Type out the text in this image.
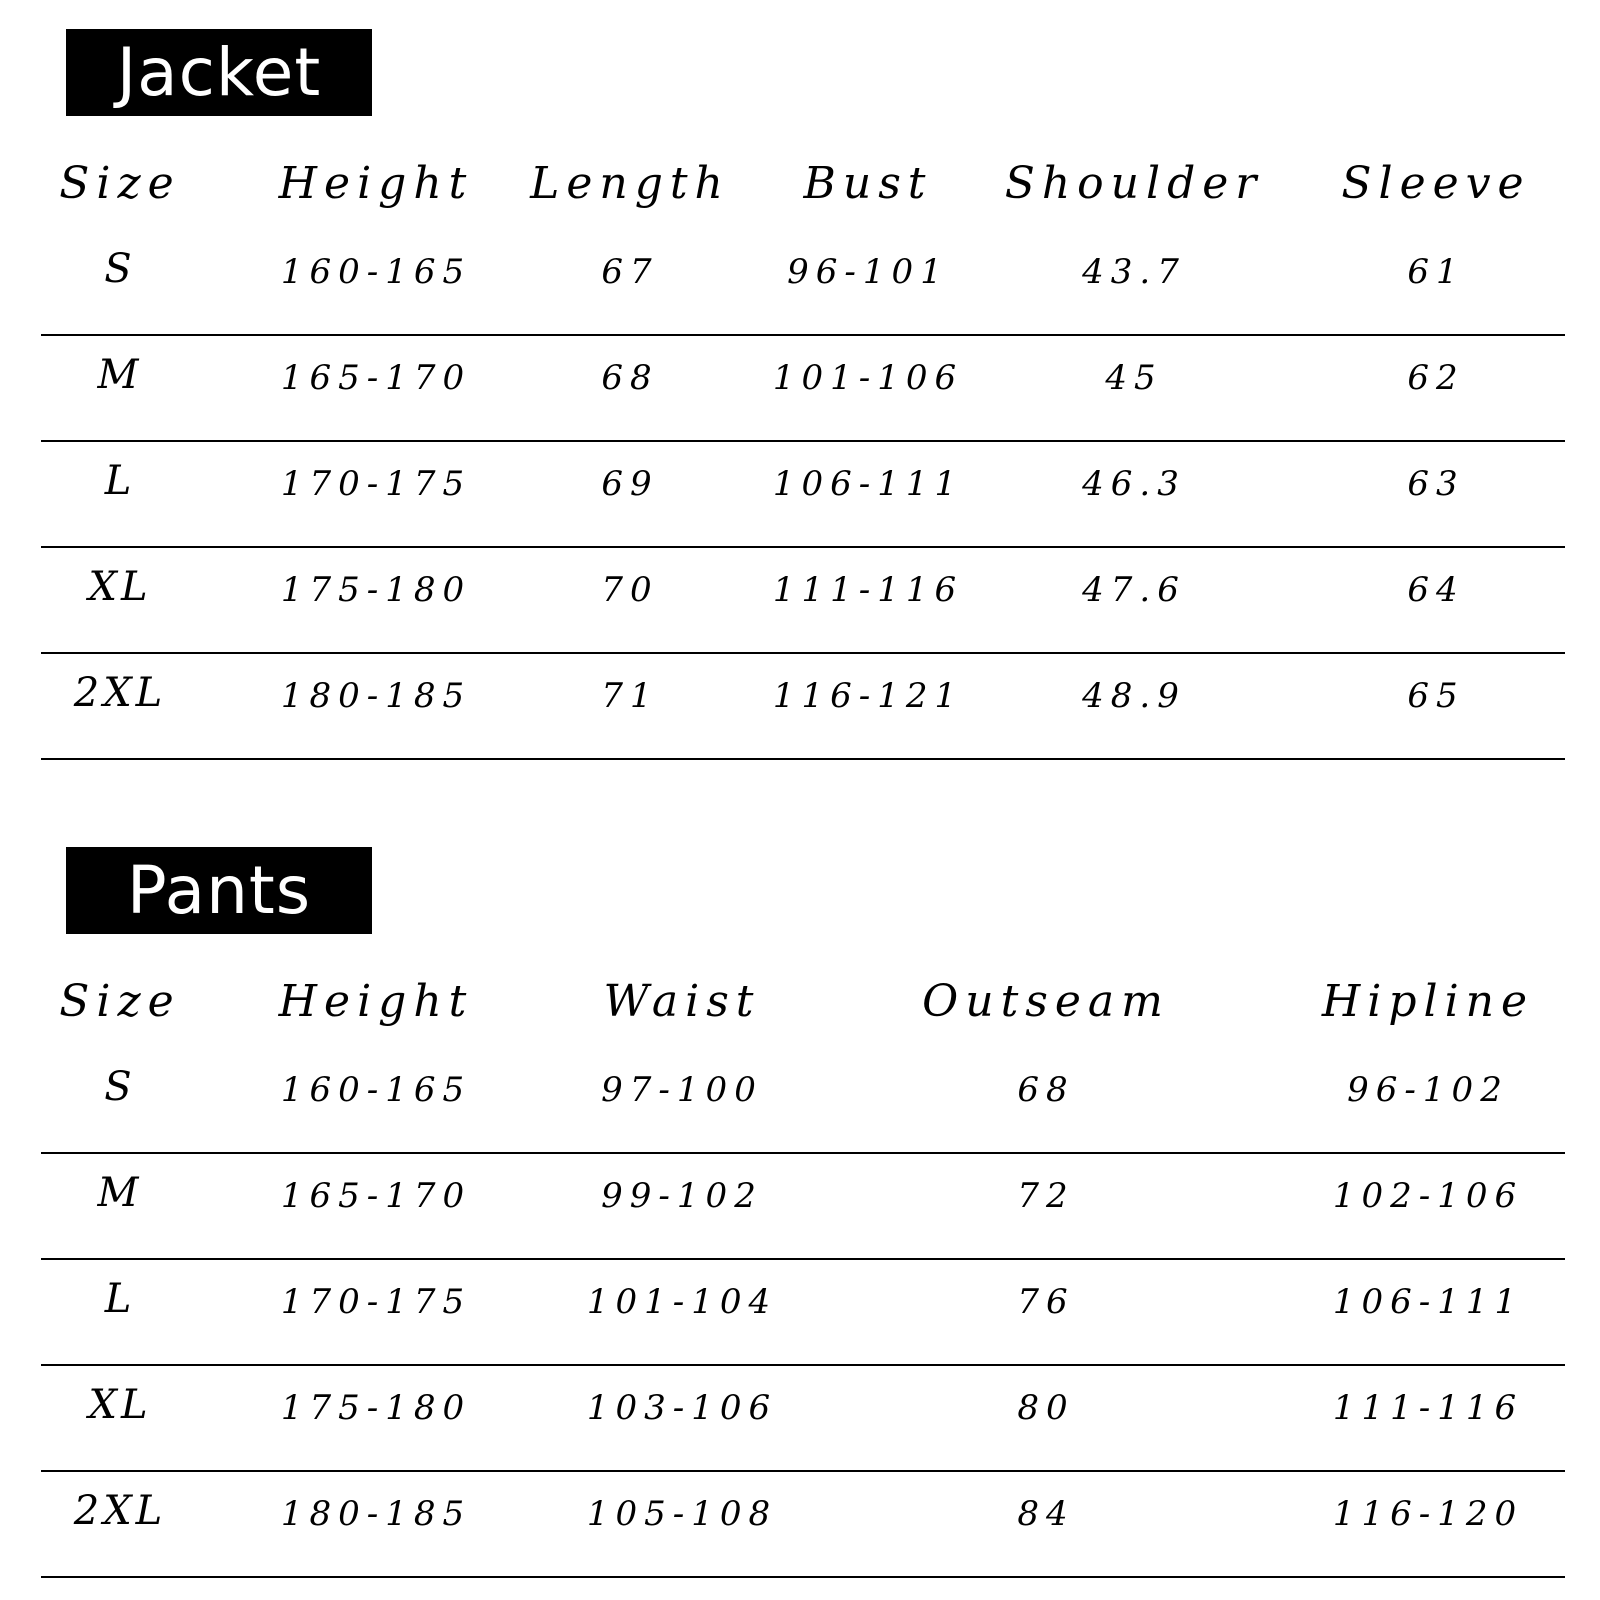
Jacket
Size Height Length Bust Shoulder Sleeve
S	160-165	67	96-101	43.7	61
M	165-170	68	101-106	45	62
L	170-175	69	106-111	46.3	63
XL	175-180	70	111-116	47.6	64
2XL	180-185	71	116-121	48.9	65
Pants
Size Height	Waist	Outseam	Hipline
S	160-165	97-100	68	96-102
M	165-170	99-102	72	102-106
L	170-175	101-104	76	106-111
XL	175-180	103-106	80	111-116
2XL	180-185	105-108	84	116-120
